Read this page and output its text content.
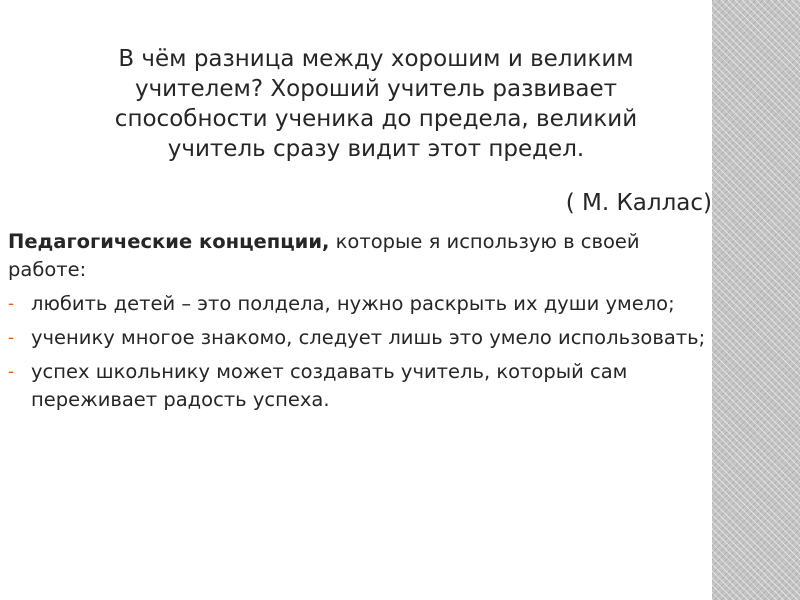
В чём разница между хорошим и великим

учителем? Хороший учитель развивает

способности ученика до предела, великий

учитель сразу видит этот предел.

( М. Каллас)

Педагогические концепции, которые я использую в своей работе:

- любить детей – это полдела, нужно раскрыть их души умело;
- ученику многое знакомо, следует лишь это умело использовать;
- успех школьнику может создавать учитель, который сам переживает радость успеха.
